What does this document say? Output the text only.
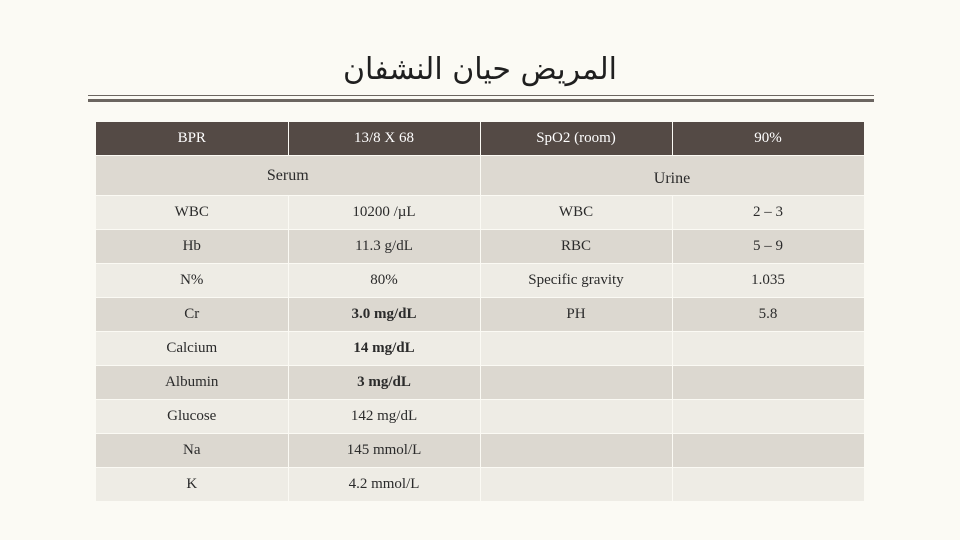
المريض حيان النشفان
BPR	13/8 X 68	SpO2 (room)	90%
Serum		Urine	
WBC	10200 /µL	WBC	2 – 3
Hb	11.3 g/dL	RBC	5 – 9
N%	80%	Specific gravity	1.035
Cr	3.0 mg/dL	PH	5.8
Calcium	14 mg/dL		
Albumin	3 mg/dL		
Glucose	142 mg/dL		
Na	145 mmol/L		
K	4.2 mmol/L		
